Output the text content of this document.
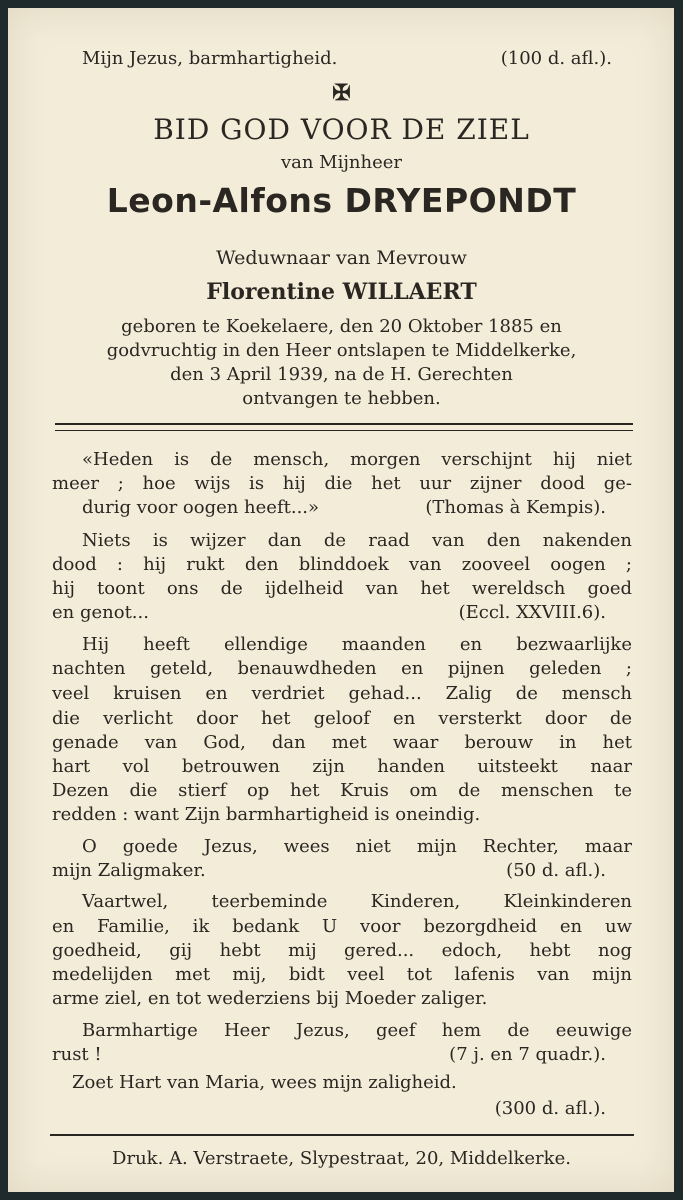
Mijn Jezus, barmhartigheid.	(100 d. afl.).
✠
BID GOD VOOR DE ZIEL
van Mijnheer
Leon-Alfons DRYEPONDT
Weduwnaar van Mevrouw
Florentine WILLAERT
geboren te Koekelaere, den 20 Oktober 1885 en
godvruchtig in den Heer ontslapen te Middelkerke,
den 3 April 1939, na de H. Gerechten
ontvangen te hebben.
«Heden is de mensch, morgen verschijnt hij niet
meer ; hoe wijs is hij die het uur zijner dood ge-
durig voor oogen heeft...»	(Thomas à Kempis).
Niets is wijzer dan de raad van den nakenden
dood : hij rukt den blinddoek van zooveel oogen ;
hij toont ons de ijdelheid van het wereldsch goed
en genot...	(Eccl. XXVIII.6).
Hij heeft ellendige maanden en bezwaarlijke
nachten geteld, benauwdheden en pijnen geleden ;
veel kruisen en verdriet gehad... Zalig de mensch
die verlicht door het geloof en versterkt door de
genade van God, dan met waar berouw in het
hart vol betrouwen zijn handen uitsteekt naar
Dezen die stierf op het Kruis om de menschen te
redden : want Zijn barmhartigheid is oneindig.
O goede Jezus, wees niet mijn Rechter, maar
mijn Zaligmaker.	(50 d. afl.).
Vaartwel, teerbeminde Kinderen, Kleinkinderen
en Familie, ik bedank U voor bezorgdheid en uw
goedheid, gij hebt mij gered... edoch, hebt nog
medelijden met mij, bidt veel tot lafenis van mijn
arme ziel, en tot wederziens bij Moeder zaliger.
Barmhartige Heer Jezus, geef hem de eeuwige
rust !	(7 j. en 7 quadr.).
Zoet Hart van Maria, wees mijn zaligheid.
(300 d. afl.).
Druk. A. Verstraete, Slypestraat, 20, Middelkerke.
